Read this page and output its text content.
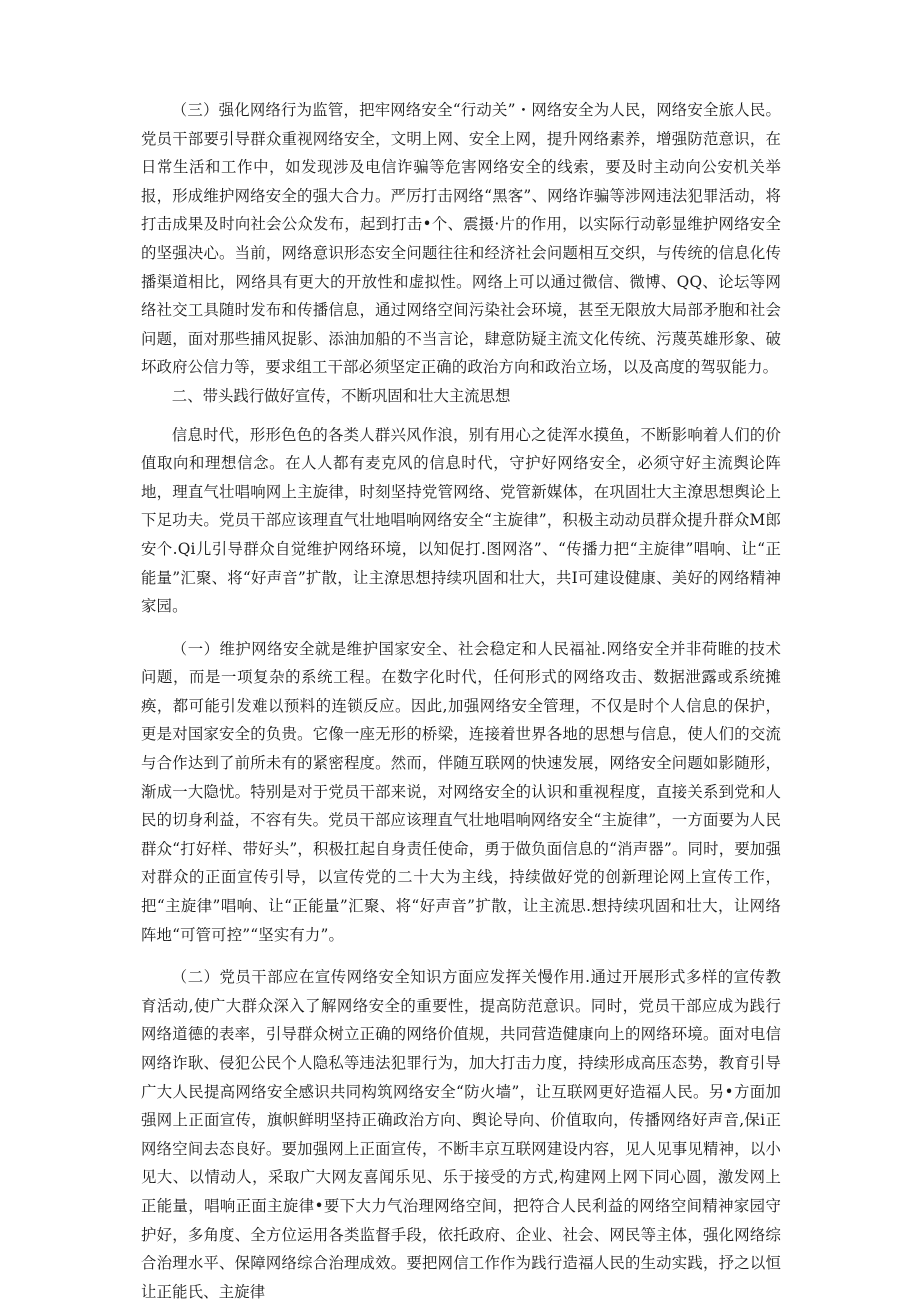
（三）强化网络行为监管，把牢网络安全“行动关”・网络安全为人民，网络安全旅人民。党员干部要引导群众重视网络安全，文明上网、安全上网，提升网络素养，增强防范意识，在日常生活和工作中，如发现涉及电信诈骗等危害网络安全的线索，要及时主动向公安机关举报，形成维护网络安全的强大合力。严厉打击网络“黑客”、网络诈骗等涉网违法犯罪活动，将打击成果及时向社会公众发布，起到打击•个、震摄·片的作用，以实际行动彰显维护网络安全的坚强决心。当前，网络意识形态安全问题往往和经济社会问题相互交织，与传统的信息化传播渠道相比，网络具有更大的开放性和虚拟性。网络上可以通过微信、微博、QQ、论坛等网络社交工具随时发布和传播信息，通过网络空间污染社会环境，甚至无限放大局部矛胞和社会问题，面对那些捕风捉影、添油加船的不当言论，肆意防疑主流文化传统、污蔑英雄形象、破坏政府公信力等，要求组工干部必须坚定正确的政治方向和政治立场，以及高度的驾驭能力。

二、带头践行做好宣传，不断巩固和壮大主流思想

信息时代，形形色色的各类人群兴风作浪，别有用心之徒浑水摸鱼，不断影响着人们的价值取向和理想信念。在人人都有麦克风的信息时代，守护好网络安全，必须守好主流舆论阵地，理直气壮唱响网上主旋律，时刻坚持党管网络、党管新媒体，在巩固壮大主潦思想舆论上下足功夫。党员干部应该理直气壮地唱响网络安全“主旋律”，积极主动动员群众提升群众M郎安个.Qi儿引导群众自觉维护网络环境，以知促打.图网洛”、“传播力把“主旋律”唱响、让“正能量”汇聚、将“好声音”扩散，让主潦思想持续巩固和壮大，共I可建设健康、美好的网络精神家园。

（一）维护网络安全就是维护国家安全、社会稳定和人民福祉.网络安全并非荷睢的技术问题，而是一项复杂的系统工程。在数字化时代，任何形式的网络攻击、数据泄露或系统摊痪，都可能引发难以预料的连锁反应。因此,加强网络安全管理，不仅是时个人信息的保护，更是对国家安全的负贵。它像一座无形的桥梁，连接着世界各地的思想与信息，使人们的交流与合作达到了前所未有的紧密程度。然而，伴随互联网的快速发展，网络安全问题如影随形，渐成一大隐忧。特别是对于党员干部来说，对网络安全的认识和重视程度，直接关系到党和人民的切身利益，不容有失。党员干部应该理直气壮地唱响网络安全“主旋律”，一方面要为人民群众“打好样、带好头”，积极扛起自身责任使命，勇于做负面信息的“消声器”。同时，要加强对群众的正面宣传引导，以宣传党的二十大为主线，持续做好党的创新理论网上宣传工作，把“主旋律”唱响、让“正能量”汇聚、将“好声音”扩散，让主流思.想持续巩固和壮大，让网络阵地“可管可控”“坚实有力”。

（二）党员干部应在宣传网络安全知识方面应发挥关慢作用.通过开展形式多样的宣传教育活动,使广大群众深入了解网络安全的重要性，提高防范意识。同时，党员干部应成为践行网络道德的表率，引导群众树立正确的网络价值规，共同营造健康向上的网络环境。面对电信网络诈耿、侵犯公民个人隐私等违法犯罪行为，加大打击力度，持续形成高压态势，教育引导广大人民提高网络安全感识共同构筑网络安全“防火墙”，让互联网更好造福人民。另•方面加强网上正面宣传，旗帜鲜明坚持正确政治方向、舆论导向、价值取向，传播网络好声音,保i正网络空间去态良好。要加强网上正面宣传，不断丰京互联网建设内容，见人见事见精神，以小见大、以情动人，采取广大网友喜闻乐见、乐于接受的方式,构建网上网下同心圆，激发网上正能量，唱响正面主旋律•要下大力气治理网络空间，把符合人民利益的网络空间精神家园守护好，多角度、全方位运用各类监督手段，依托政府、企业、社会、网民等主体，强化网络综合治理水平、保障网络综合治理成效。要把网信工作作为践行造福人民的生动实践，抒之以恒让正能氏、主旋律
